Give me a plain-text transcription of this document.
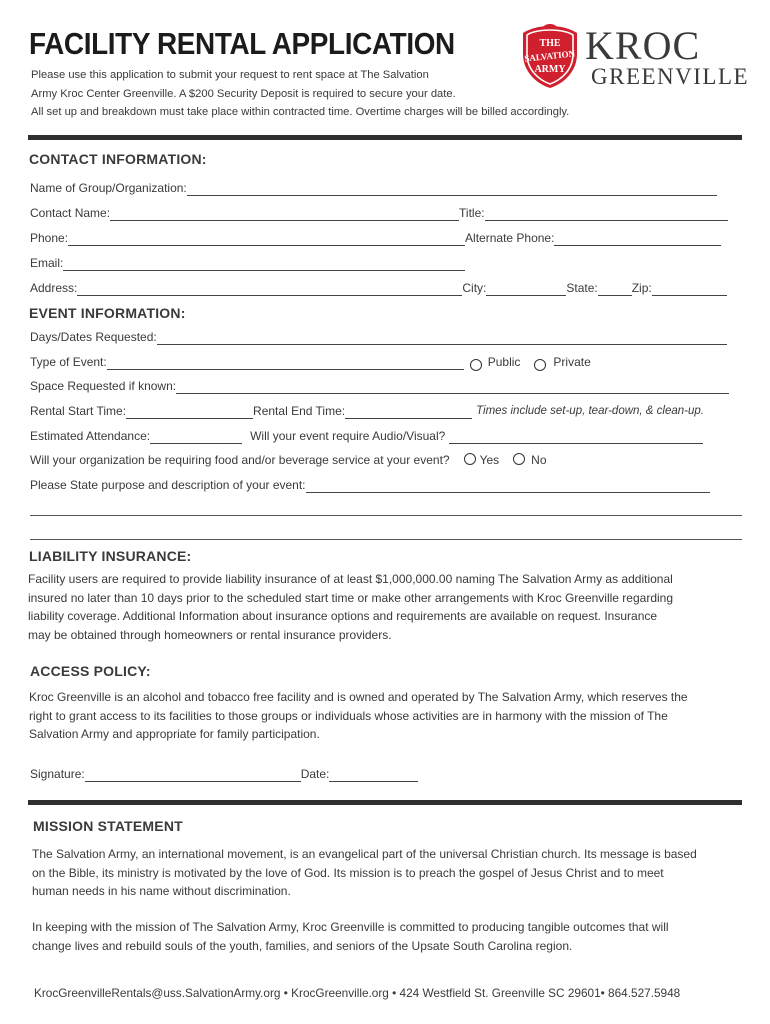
FACILITY RENTAL APPLICATION
Please use this application to submit your request to rent space at The Salvation
Army Kroc Center Greenville. A $200 Security Deposit is required to secure your date.
All set up and breakdown must take place within contracted time. Overtime charges will be billed accordingly.
THE
SALVATION
ARMY
KROC
GREENVILLE
CONTACT INFORMATION:
Name of Group/Organization:
Contact Name:	Title:
Phone:	Alternate Phone:
Email:
Address:	City:	State:	Zip:
EVENT INFORMATION:
Days/Dates Requested:
Type of Event:	Public	Private
Space Requested if known:
Rental Start Time:	Rental End Time:	Times include set-up, tear-down, & clean-up.
Estimated Attendance:	Will your event require Audio/Visual?
Will your organization be requiring food and/or beverage service at your event?	Yes	No
Please State purpose and description of your event:
LIABILITY INSURANCE:
Facility users are required to provide liability insurance of at least $1,000,000.00 naming The Salvation Army as additional
insured no later than 10 days prior to the scheduled start time or make other arrangements with Kroc Greenville regarding
liability coverage. Additional Information about insurance options and requirements are available on request. Insurance
may be obtained through homeowners or rental insurance providers.
ACCESS POLICY:
Kroc Greenville is an alcohol and tobacco free facility and is owned and operated by The Salvation Army, which reserves the
right to grant access to its facilities to those groups or individuals whose activities are in harmony with the mission of The
Salvation Army and appropriate for family participation.
Signature:	Date:
MISSION STATEMENT
The Salvation Army, an international movement, is an evangelical part of the universal Christian church. Its message is based
on the Bible, its ministry is motivated by the love of God. Its mission is to preach the gospel of Jesus Christ and to meet
human needs in his name without discrimination.
In keeping with the mission of The Salvation Army, Kroc Greenville is committed to producing tangible outcomes that will
change lives and rebuild souls of the youth, families, and seniors of the Upsate South Carolina region.
KrocGreenvilleRentals@uss.SalvationArmy.org • KrocGreenville.org • 424 Westfield St. Greenville SC 29601• 864.527.5948
